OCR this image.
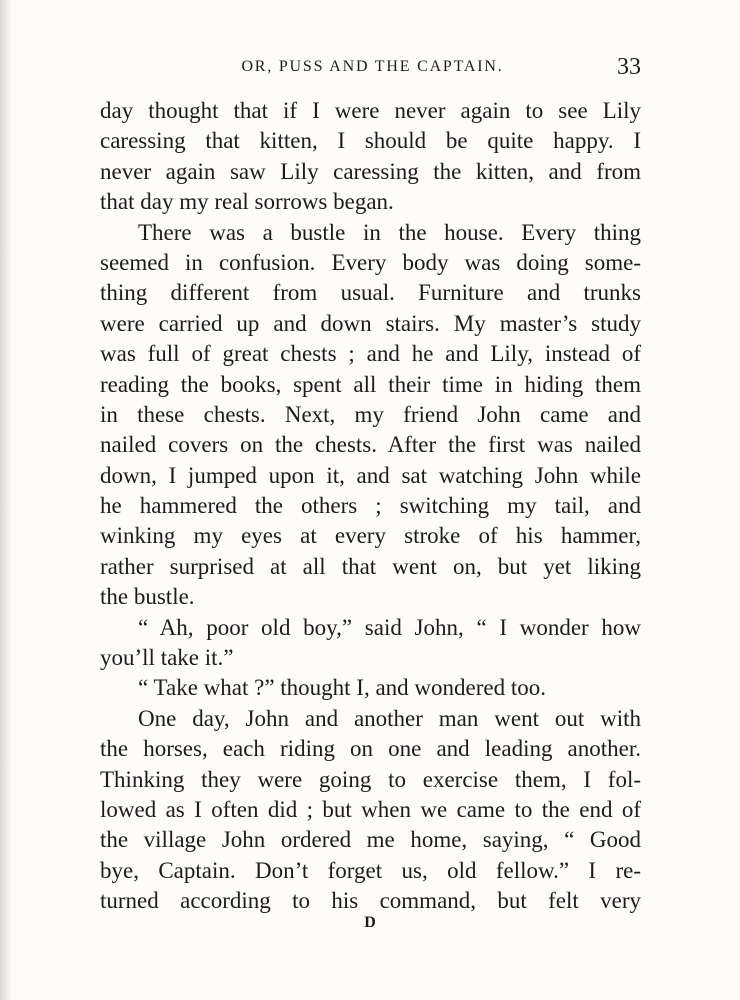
OR, PUSS AND THE CAPTAIN.	33
day thought that if I were never again to see Lily
caressing that kitten, I should be quite happy. I
never again saw Lily caressing the kitten, and from
that day my real sorrows began.
There was a bustle in the house. Every thing
seemed in confusion. Every body was doing some-
thing different from usual. Furniture and trunks
were carried up and down stairs. My master’s study
was full of great chests ; and he and Lily, instead of
reading the books, spent all their time in hiding them
in these chests. Next, my friend John came and
nailed covers on the chests. After the first was nailed
down, I jumped upon it, and sat watching John while
he hammered the others ; switching my tail, and
winking my eyes at every stroke of his hammer,
rather surprised at all that went on, but yet liking
the bustle.
“ Ah, poor old boy,” said John, “ I wonder how
you’ll take it.”
“ Take what ?” thought I, and wondered too.
One day, John and another man went out with
the horses, each riding on one and leading another.
Thinking they were going to exercise them, I fol-
lowed as I often did ; but when we came to the end of
the village John ordered me home, saying, “ Good
bye, Captain. Don’t forget us, old fellow.” I re-
turned according to his command, but felt very
D
